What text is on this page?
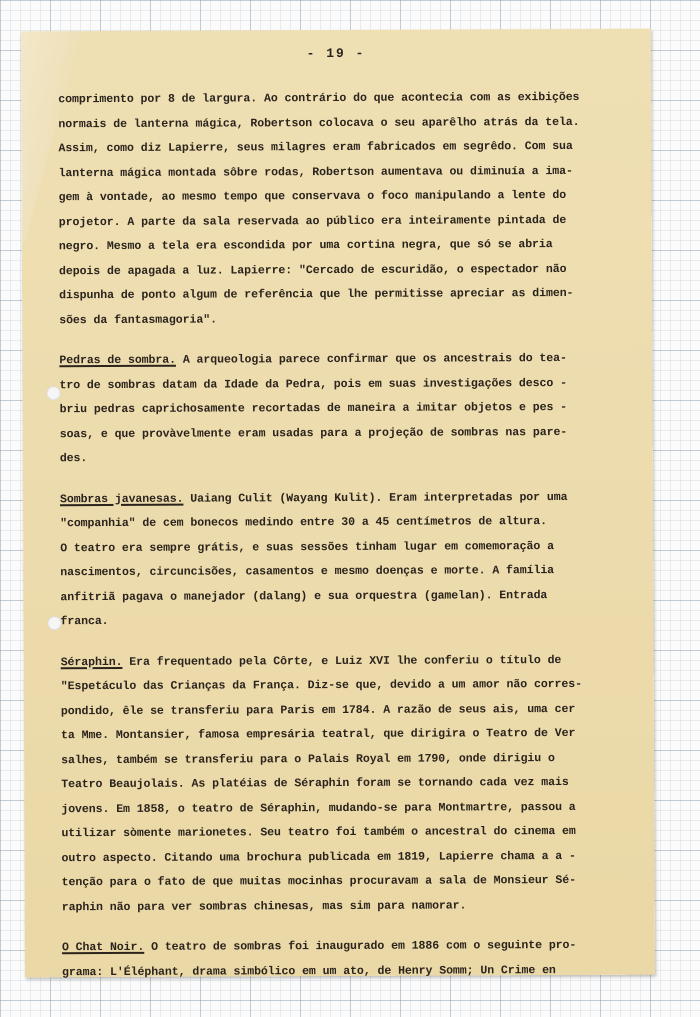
- 19 -
comprimento por 8 de largura. Ao contrário do que acontecia com as exibições
normais de lanterna mágica, Robertson colocava o seu aparêlho atrás da tela.
Assim, como diz Lapierre, seus milagres eram fabricados em segrêdo. Com sua
lanterna mágica montada sôbre rodas, Robertson aumentava ou diminuía a ima-
gem à vontade, ao mesmo tempo que conservava o foco manipulando a lente do
projetor. A parte da sala reservada ao público era inteiramente pintada de
negro. Mesmo a tela era escondida por uma cortina negra, que só se abria
depois de apagada a luz. Lapierre: "Cercado de escuridão, o espectador não
dispunha de ponto algum de referência que lhe permitisse apreciar as dimen-
sões da fantasmagoria".
Pedras de sombra. A arqueologia parece confirmar que os ancestrais do tea-
tro de sombras datam da Idade da Pedra, pois em suas investigações desco -
briu pedras caprichosamente recortadas de maneira a imitar objetos e pes -
soas, e que provàvelmente eram usadas para a projeção de sombras nas pare-
des.
Sombras javanesas. Uaiang Culit (Wayang Kulit). Eram interpretadas por uma
"companhia" de cem bonecos medindo entre 30 a 45 centímetros de altura.
O teatro era sempre grátis, e suas sessões tinham lugar em comemoração a
nascimentos, circuncisões, casamentos e mesmo doenças e morte. A família
anfitriã pagava o manejador (dalang) e sua orquestra (gamelan). Entrada
franca.
Séraphin. Era frequentado pela Côrte, e Luiz XVI lhe conferiu o título de
"Espetáculo das Crianças da França. Diz-se que, devido a um amor não corres-
pondido, êle se transferiu para Paris em 1784. A razão de seus ais, uma cer
ta Mme. Montansier, famosa empresária teatral, que dirigira o Teatro de Ver
salhes, também se transferiu para o Palais Royal em 1790, onde dirigiu o
Teatro Beaujolais. As platéias de Séraphin foram se tornando cada vez mais
jovens. Em 1858, o teatro de Séraphin, mudando-se para Montmartre, passou a
utilizar sòmente marionetes. Seu teatro foi também o ancestral do cinema em
outro aspecto. Citando uma brochura publicada em 1819, Lapierre chama a a -
tenção para o fato de que muitas mocinhas procuravam a sala de Monsieur Sé-
raphin não para ver sombras chinesas, mas sim para namorar.
O Chat Noir. O teatro de sombras foi inaugurado em 1886 com o seguinte pro-
grama: L'Éléphant, drama simbólico em um ato, de Henry Somm; Un Crime en
